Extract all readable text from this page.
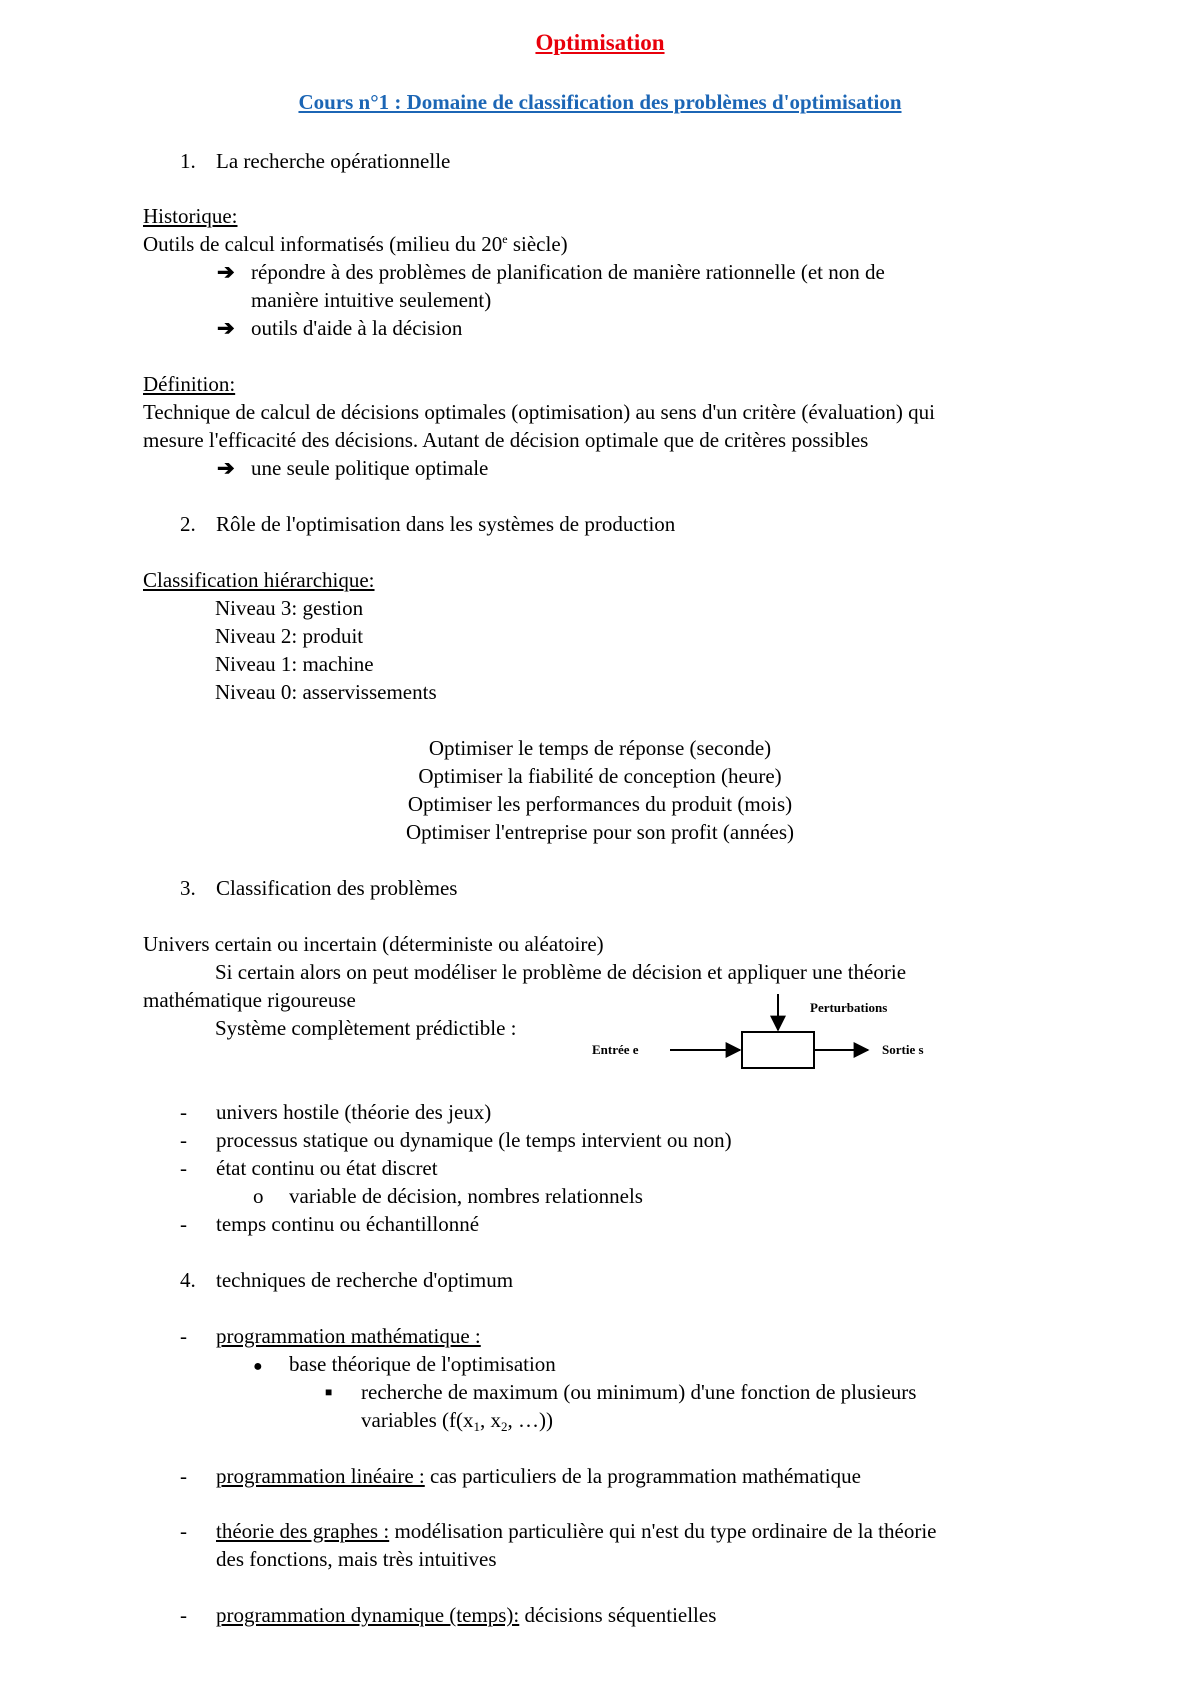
Optimisation
Cours n°1 : Domaine de classification des problèmes d'optimisation
1. La recherche opérationnelle
Historique:
Outils de calcul informatisés (milieu du 20e siècle)
➔ répondre à des problèmes de planification de manière rationnelle (et non de
manière intuitive seulement)
➔ outils d'aide à la décision
Définition:
Technique de calcul de décisions optimales (optimisation) au sens d'un critère (évaluation) qui
mesure l'efficacité des décisions. Autant de décision optimale que de critères possibles
➔ une seule politique optimale
2. Rôle de l'optimisation dans les systèmes de production
Classification hiérarchique:
Niveau 3: gestion
Niveau 2: produit
Niveau 1: machine
Niveau 0: asservissements
Optimiser le temps de réponse (seconde)
Optimiser la fiabilité de conception (heure)
Optimiser les performances du produit (mois)
Optimiser l'entreprise pour son profit (années)
3. Classification des problèmes
Univers certain ou incertain (déterministe ou aléatoire)
Si certain alors on peut modéliser le problème de décision et appliquer une théorie
mathématique rigoureuse
Système complètement prédictible :
Entrée e	Sortie s
Perturbations
- univers hostile (théorie des jeux)
- processus statique ou dynamique (le temps intervient ou non)
- état continu ou état discret
o variable de décision, nombres relationnels
- temps continu ou échantillonné
4. techniques de recherche d'optimum
- programmation mathématique :
● base théorique de l'optimisation
■ recherche de maximum (ou minimum) d'une fonction de plusieurs
variables ($f(x_1$, $x_2$, …))
- programmation linéaire : cas particuliers de la programmation mathématique
- théorie des graphes : modélisation particulière qui n'est du type ordinaire de la théorie
des fonctions, mais très intuitives
- programmation dynamique (temps): décisions séquentielles
